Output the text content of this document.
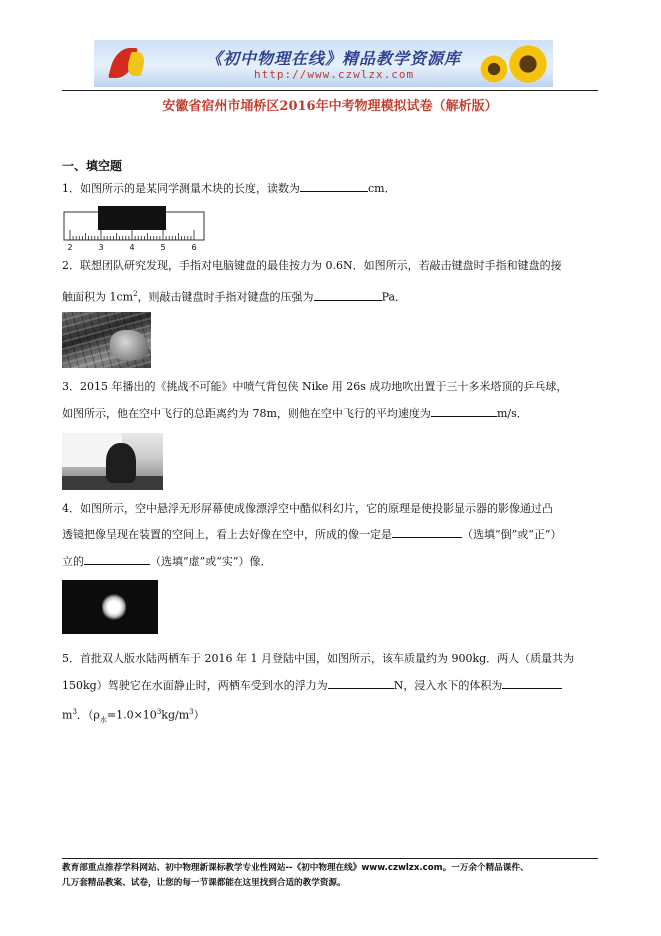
《初中物理在线》精品教学资源库
http://www.czwlzx.com
安徽省宿州市埇桥区2016年中考物理模拟试卷（解析版）
一、填空题
1．如图所示的是某同学测量木块的长度，读数为	cm．
2	3	4	5	6
2．联想团队研究发现，手指对电脑键盘的最佳按力为 0.6N．如图所示，若敲击键盘时手指和键盘的接
触面积为 $1cm^2$，则敲击键盘时手指对键盘的压强为	Pa．
3．2015 年播出的《挑战不可能》中喷气背包侠 Nike 用 26s 成功地吹出置于三十多米塔顶的乒乓球，
如图所示，他在空中飞行的总距离约为 78m，则他在空中飞行的平均速度为	m/s．
4．如图所示，空中悬浮无形屏幕使成像漂浮空中酷似科幻片，它的原理是使投影显示器的影像通过凸
透镜把像呈现在装置的空间上，看上去好像在空中，所成的像一定是	（选填“倒”或“正”）
立的	（选填“虚”或“实”）像．
5．首批双人版水陆两栖车于 2016 年 1 月登陆中国，如图所示，该车质量约为 900kg．两人（质量共为
150kg）驾驶它在水面静止时，两栖车受到水的浮力为	N，浸入水下的体积为
$m^3$．$(\rho_水=1.0\times 10^3kg/m^3)$
教育部重点推荐学科网站、初中物理新课标教学专业性网站--《初中物理在线》www.czwlzx.com。一万余个精品课件、
几万套精品教案、试卷，让您的每一节课都能在这里找到合适的教学资源。
